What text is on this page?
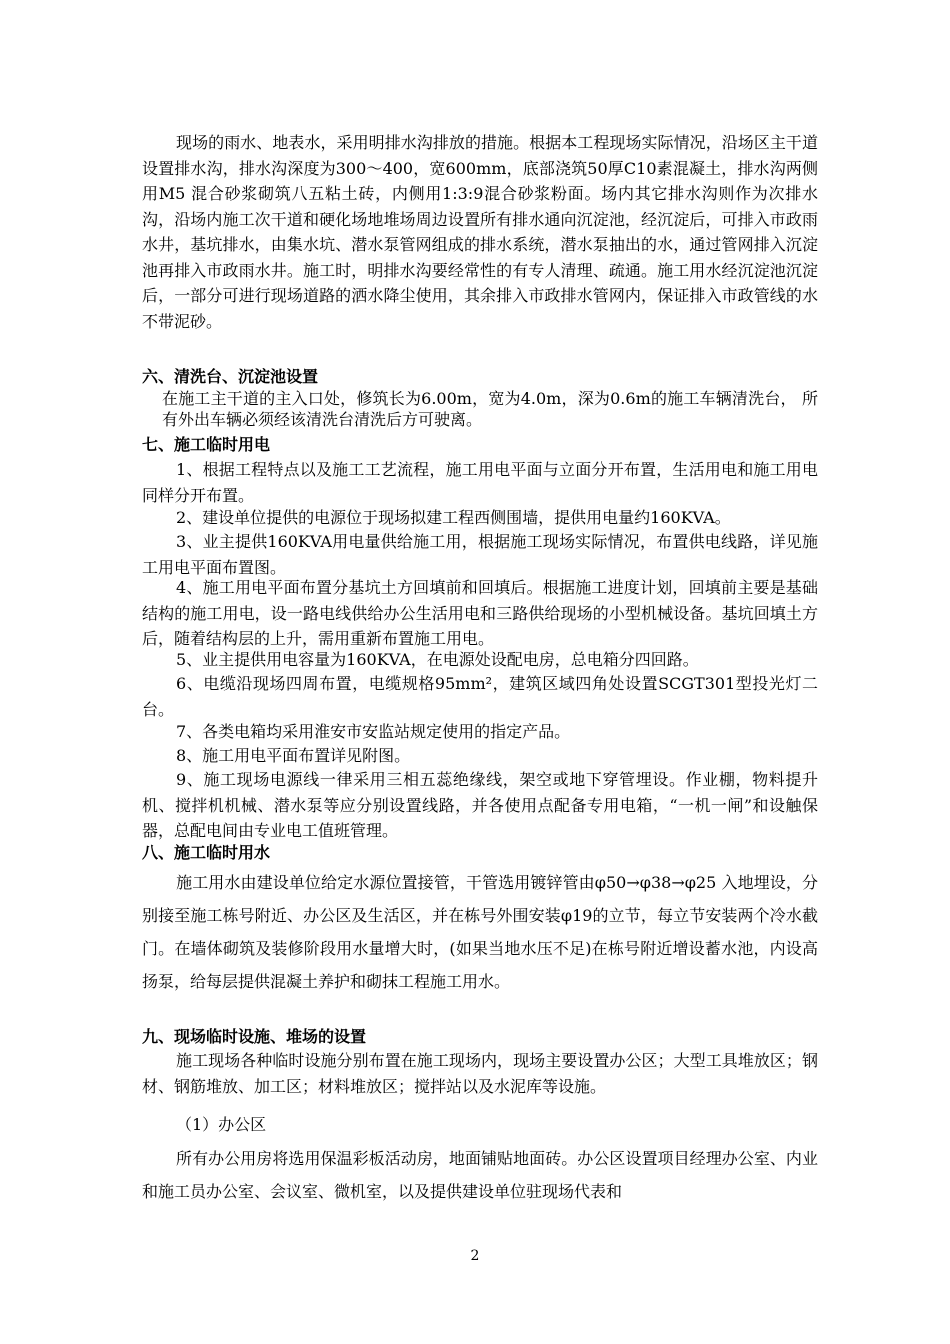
现场的雨水、地表水，采用明排水沟排放的措施。根据本工程现场实际情况，沿场区主干道设置排水沟，排水沟深度为300～400，宽600mm，底部浇筑50厚C10素混凝土，排水沟两侧用M5 混合砂浆砌筑八五粘土砖，内侧用1:3:9混合砂浆粉面。场内其它排水沟则作为次排水沟，沿场内施工次干道和硬化场地堆场周边设置所有排水通向沉淀池，经沉淀后，可排入市政雨水井，基坑排水，由集水坑、潜水泵管网组成的排水系统，潜水泵抽出的水，通过管网排入沉淀池再排入市政雨水井。施工时，明排水沟要经常性的有专人清理、疏通。施工用水经沉淀池沉淀后，一部分可进行现场道路的洒水降尘使用，其余排入市政排水管网内，保证排入市政管线的水不带泥砂。

六、清洗台、沉淀池设置

在施工主干道的主入口处，修筑长为6.00m，宽为4.0m，深为0.6m的施工车辆清洗台， 所有外出车辆必须经该清洗台清洗后方可驶离。

七、施工临时用电

1、根据工程特点以及施工工艺流程，施工用电平面与立面分开布置，生活用电和施工用电同样分开布置。

2、建设单位提供的电源位于现场拟建工程西侧围墙，提供用电量约160KVA。

3、业主提供160KVA用电量供给施工用，根据施工现场实际情况，布置供电线路，详见施工用电平面布置图。

4、施工用电平面布置分基坑土方回填前和回填后。根据施工进度计划，回填前主要是基础结构的施工用电，设一路电线供给办公生活用电和三路供给现场的小型机械设备。基坑回填土方后，随着结构层的上升，需用重新布置施工用电。

5、业主提供用电容量为160KVA，在电源处设配电房，总电箱分四回路。

6、电缆沿现场四周布置，电缆规格95mm²，建筑区域四角处设置SCGT301型投光灯二台。

7、各类电箱均采用淮安市安监站规定使用的指定产品。

8、施工用电平面布置详见附图。

9、施工现场电源线一律采用三相五蕊绝缘线，架空或地下穿管埋设。作业棚，物料提升机、搅拌机机械、潜水泵等应分别设置线路，并各使用点配备专用电箱，“一机一闸”和设触保器，总配电间由专业电工值班管理。

八、施工临时用水

施工用水由建设单位给定水源位置接管，干管选用镀锌管由φ50→φ38→φ25 入地埋设，分别接至施工栋号附近、办公区及生活区，并在栋号外围安装φ19的立节，每立节安装两个冷水截门。在墙体砌筑及装修阶段用水量增大时，(如果当地水压不足)在栋号附近增设蓄水池，内设高扬泵，给每层提供混凝土养护和砌抹工程施工用水。

九、现场临时设施、堆场的设置

施工现场各种临时设施分别布置在施工现场内，现场主要设置办公区；大型工具堆放区；钢材、钢筋堆放、加工区；材料堆放区；搅拌站以及水泥库等设施。

（1）办公区

所有办公用房将选用保温彩板活动房，地面铺贴地面砖。办公区设置项目经理办公室、内业和施工员办公室、会议室、微机室，以及提供建设单位驻现场代表和

2
